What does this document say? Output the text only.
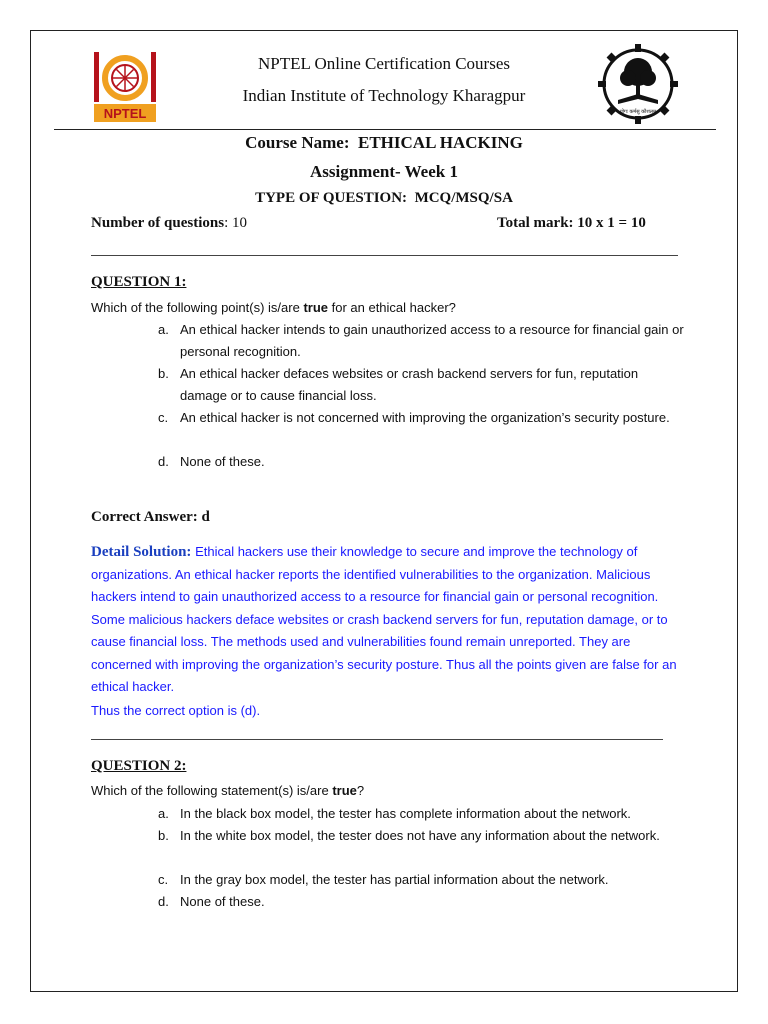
NPTEL	योगः कर्मसु कौशलम्
NPTEL Online Certification Courses
Indian Institute of Technology Kharagpur
Course Name: ETHICAL HACKING
Assignment- Week 1
TYPE OF QUESTION: MCQ/MSQ/SA
Number of questions: 10	Total mark: 10 x 1 = 10
QUESTION 1:
Which of the following point(s) is/are true for an ethical hacker?
a. An ethical hacker intends to gain unauthorized access to a resource for financial gain or personal recognition.
b. An ethical hacker defaces websites or crash backend servers for fun, reputation damage or to cause financial loss.
c. An ethical hacker is not concerned with improving the organization’s security posture.
d. None of these.
Correct Answer: d
Detail Solution: Ethical hackers use their knowledge to secure and improve the technology of organizations. An ethical hacker reports the identified vulnerabilities to the organization. Malicious hackers intend to gain unauthorized access to a resource for financial gain or personal recognition. Some malicious hackers deface websites or crash backend servers for fun, reputation damage, or to cause financial loss. The methods used and vulnerabilities found remain unreported. They are concerned with improving the organization’s security posture. Thus all the points given are false for an ethical hacker.
Thus the correct option is (d).
QUESTION 2:
Which of the following statement(s) is/are true?
a. In the black box model, the tester has complete information about the network.
b. In the white box model, the tester does not have any information about the network.
c. In the gray box model, the tester has partial information about the network.
d. None of these.
